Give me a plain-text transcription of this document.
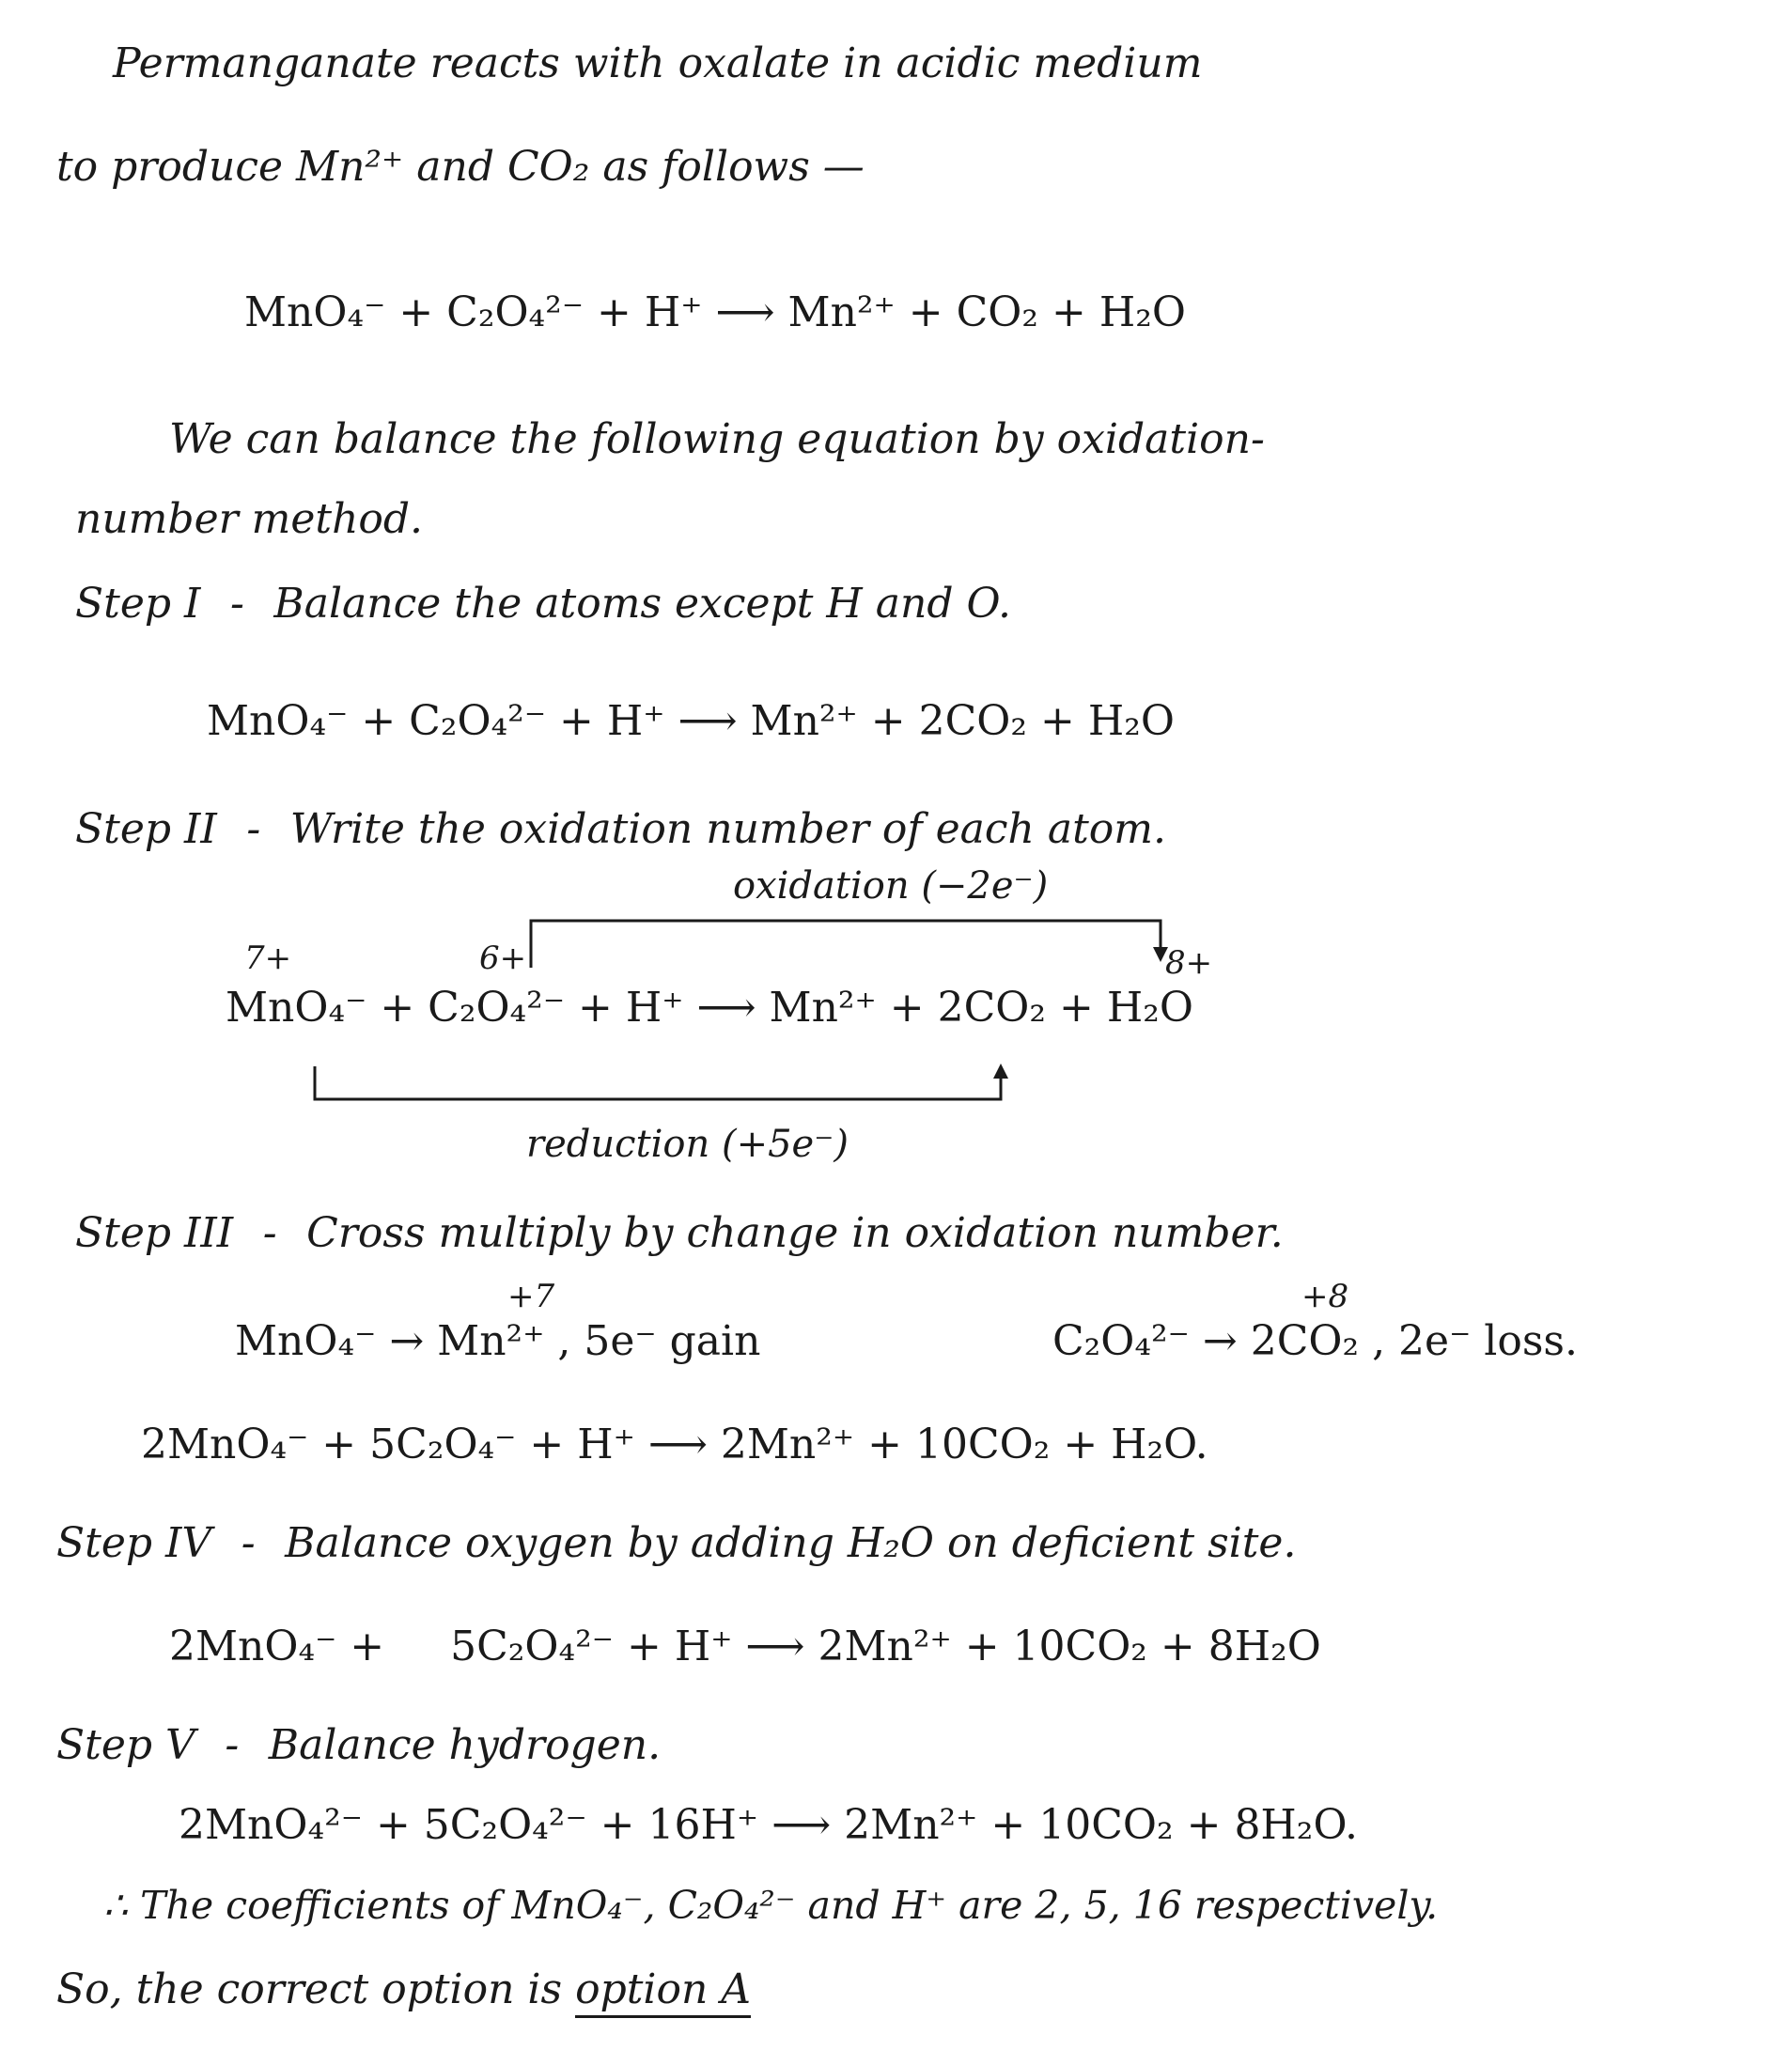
Permanganate reacts with oxalate in acidic medium
to produce Mn²⁺ and CO₂ as follows —
MnO₄⁻ + C₂O₄²⁻ + H⁺ ⟶ Mn²⁺ + CO₂ + H₂O
We can balance the following equation by oxidation-
number method.
Step I - Balance the atoms except H and O.
MnO₄⁻ + C₂O₄²⁻ + H⁺ ⟶ Mn²⁺ + 2CO₂ + H₂O
Step II - Write the oxidation number of each atom.
oxidation (−2e⁻)
7+	6+	8+
MnO₄⁻ + C₂O₄²⁻ + H⁺ ⟶ Mn²⁺ + 2CO₂ + H₂O
reduction (+5e⁻)
Step III - Cross multiply by change in oxidation number.
+7	+8
MnO₄⁻ → Mn²⁺ , 5e⁻ gain	C₂O₄²⁻ → 2CO₂ , 2e⁻ loss.
2MnO₄⁻ + 5C₂O₄⁻ + H⁺ ⟶ 2Mn²⁺ + 10CO₂ + H₂O.
Step IV - Balance oxygen by adding H₂O on deficient site.
2MnO₄⁻ +     5C₂O₄²⁻ + H⁺ ⟶ 2Mn²⁺ + 10CO₂ + 8H₂O
Step V - Balance hydrogen.
2MnO₄²⁻ + 5C₂O₄²⁻ + 16H⁺ ⟶ 2Mn²⁺ + 10CO₂ + 8H₂O.
∴ The coefficients of MnO₄⁻, C₂O₄²⁻ and H⁺ are 2, 5, 16 respectively.
So, the correct option is option A
